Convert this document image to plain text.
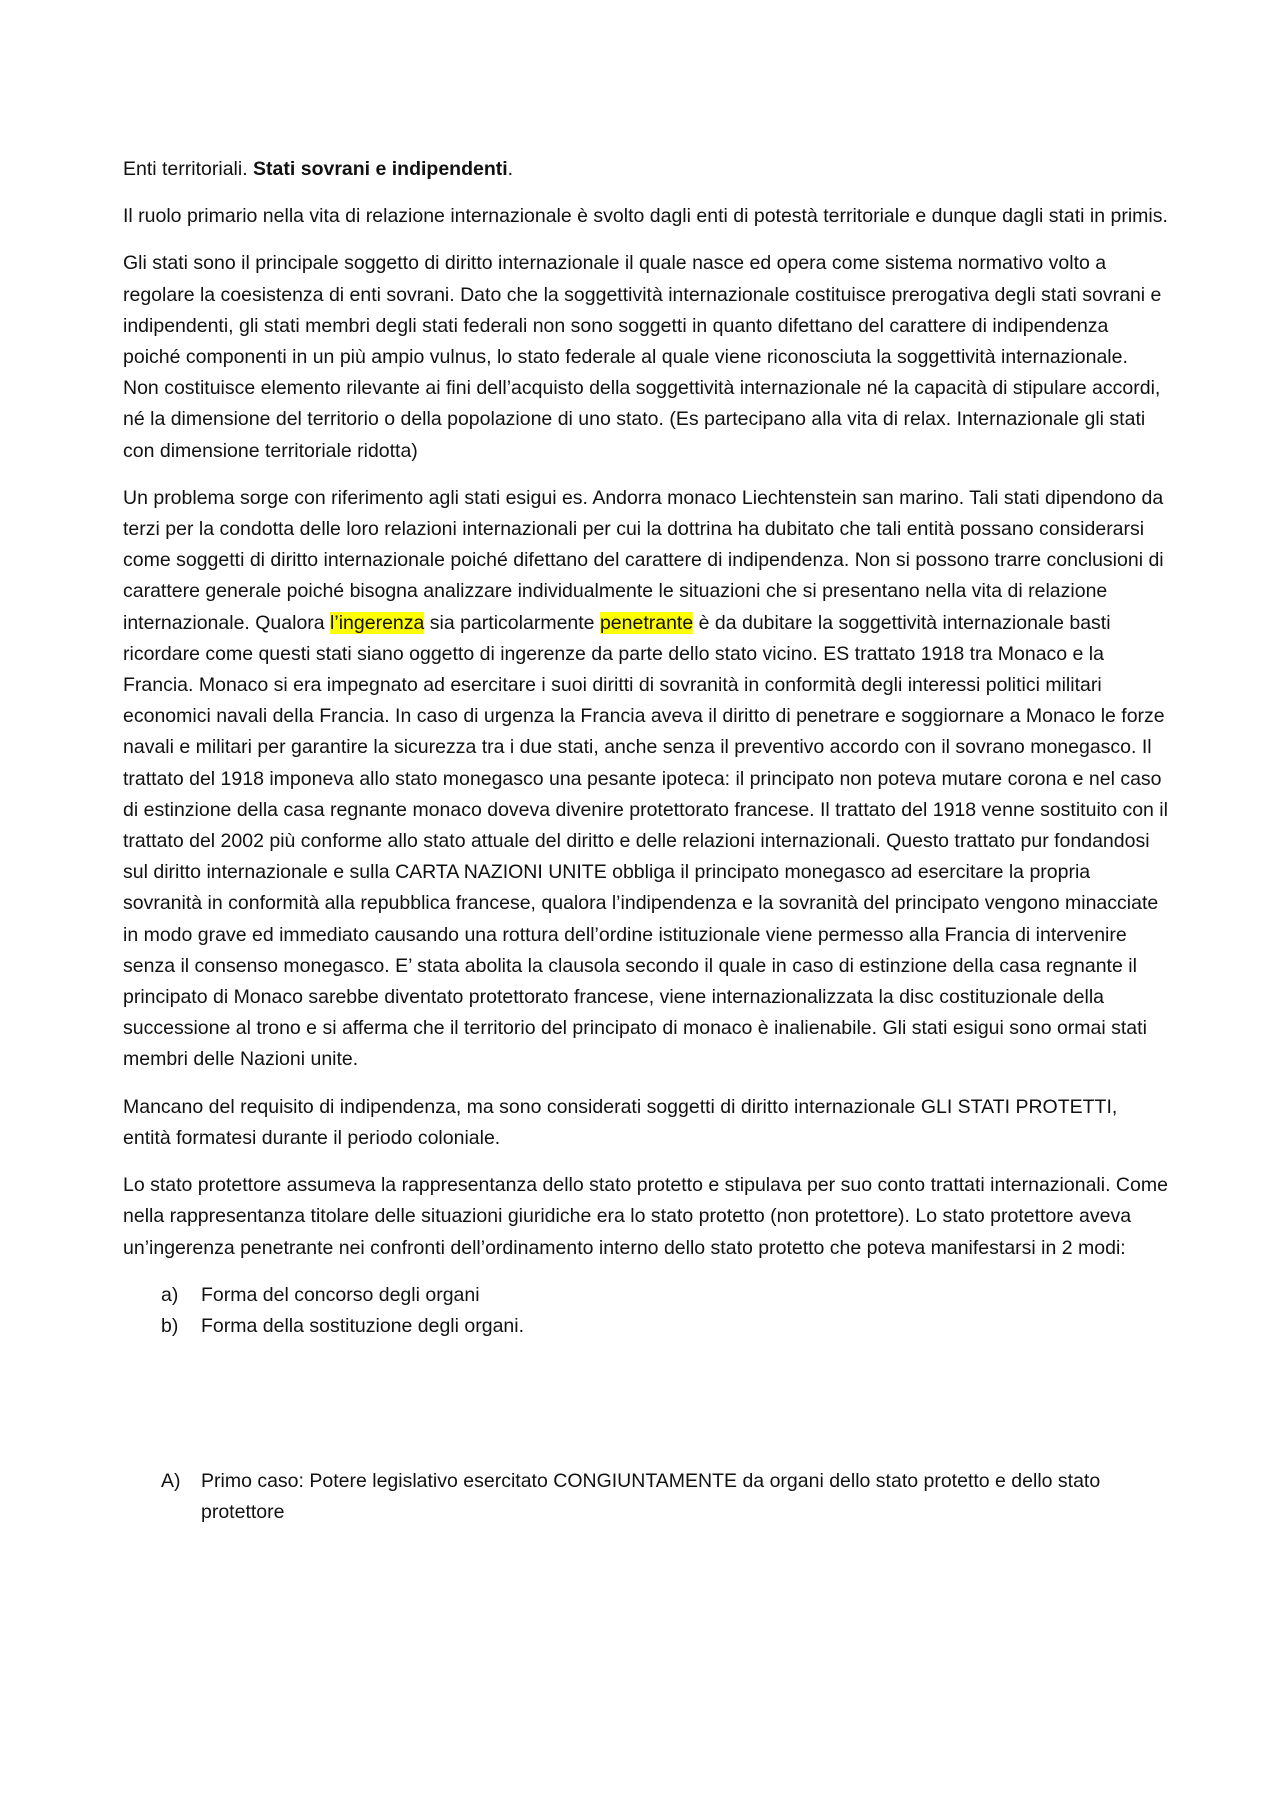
Enti territoriali. Stati sovrani e indipendenti.

Il ruolo primario nella vita di relazione internazionale è svolto dagli enti di potestà territoriale e dunque dagli stati in primis.

Gli stati sono il principale soggetto di diritto internazionale il quale nasce ed opera come sistema normativo volto a regolare la coesistenza di enti sovrani. Dato che la soggettività internazionale costituisce prerogativa degli stati sovrani e indipendenti, gli stati membri degli stati federali non sono soggetti in quanto difettano del carattere di indipendenza poiché componenti in un più ampio vulnus, lo stato federale al quale viene riconosciuta la soggettività internazionale. Non costituisce elemento rilevante ai fini dell’acquisto della soggettività internazionale né la capacità di stipulare accordi, né la dimensione del territorio o della popolazione di uno stato. (Es partecipano alla vita di relax. Internazionale gli stati con dimensione territoriale ridotta)

Un problema sorge con riferimento agli stati esigui es. Andorra monaco Liechtenstein san marino. Tali stati dipendono da terzi per la condotta delle loro relazioni internazionali per cui la dottrina ha dubitato che tali entità possano considerarsi come soggetti di diritto internazionale poiché difettano del carattere di indipendenza. Non si possono trarre conclusioni di carattere generale poiché bisogna analizzare individualmente le situazioni che si presentano nella vita di relazione internazionale. Qualora l’ingerenza sia particolarmente penetrante è da dubitare la soggettività internazionale basti ricordare come questi stati siano oggetto di ingerenze da parte dello stato vicino. ES trattato 1918 tra Monaco e la Francia. Monaco si era impegnato ad esercitare i suoi diritti di sovranità in conformità degli interessi politici militari economici navali della Francia. In caso di urgenza la Francia aveva il diritto di penetrare e soggiornare a Monaco le forze navali e militari per garantire la sicurezza tra i due stati, anche senza il preventivo accordo con il sovrano monegasco. Il trattato del 1918 imponeva allo stato monegasco una pesante ipoteca: il principato non poteva mutare corona e nel caso di estinzione della casa regnante monaco doveva divenire protettorato francese. Il trattato del 1918 venne sostituito con il trattato del 2002 più conforme allo stato attuale del diritto e delle relazioni internazionali. Questo trattato pur fondandosi sul diritto internazionale e sulla CARTA NAZIONI UNITE obbliga il principato monegasco ad esercitare la propria sovranità in conformità alla repubblica francese, qualora l’indipendenza e la sovranità del principato vengono minacciate in modo grave ed immediato causando una rottura dell’ordine istituzionale viene permesso alla Francia di intervenire senza il consenso monegasco. E’ stata abolita la clausola secondo il quale in caso di estinzione della casa regnante il principato di Monaco sarebbe diventato protettorato francese, viene internazionalizzata la disc costituzionale della successione al trono e si afferma che il territorio del principato di monaco è inalienabile. Gli stati esigui sono ormai stati membri delle Nazioni unite.

Mancano del requisito di indipendenza, ma sono considerati soggetti di diritto internazionale GLI STATI PROTETTI, entità formatesi durante il periodo coloniale.

Lo stato protettore assumeva la rappresentanza dello stato protetto e stipulava per suo conto trattati internazionali. Come nella rappresentanza titolare delle situazioni giuridiche era lo stato protetto (non protettore). Lo stato protettore aveva un’ingerenza penetrante nei confronti dell’ordinamento interno dello stato protetto che poteva manifestarsi in 2 modi:

a) Forma del concorso degli organi
b) Forma della sostituzione degli organi.
A) Primo caso: Potere legislativo esercitato CONGIUNTAMENTE da organi dello stato protetto e dello stato protettore
